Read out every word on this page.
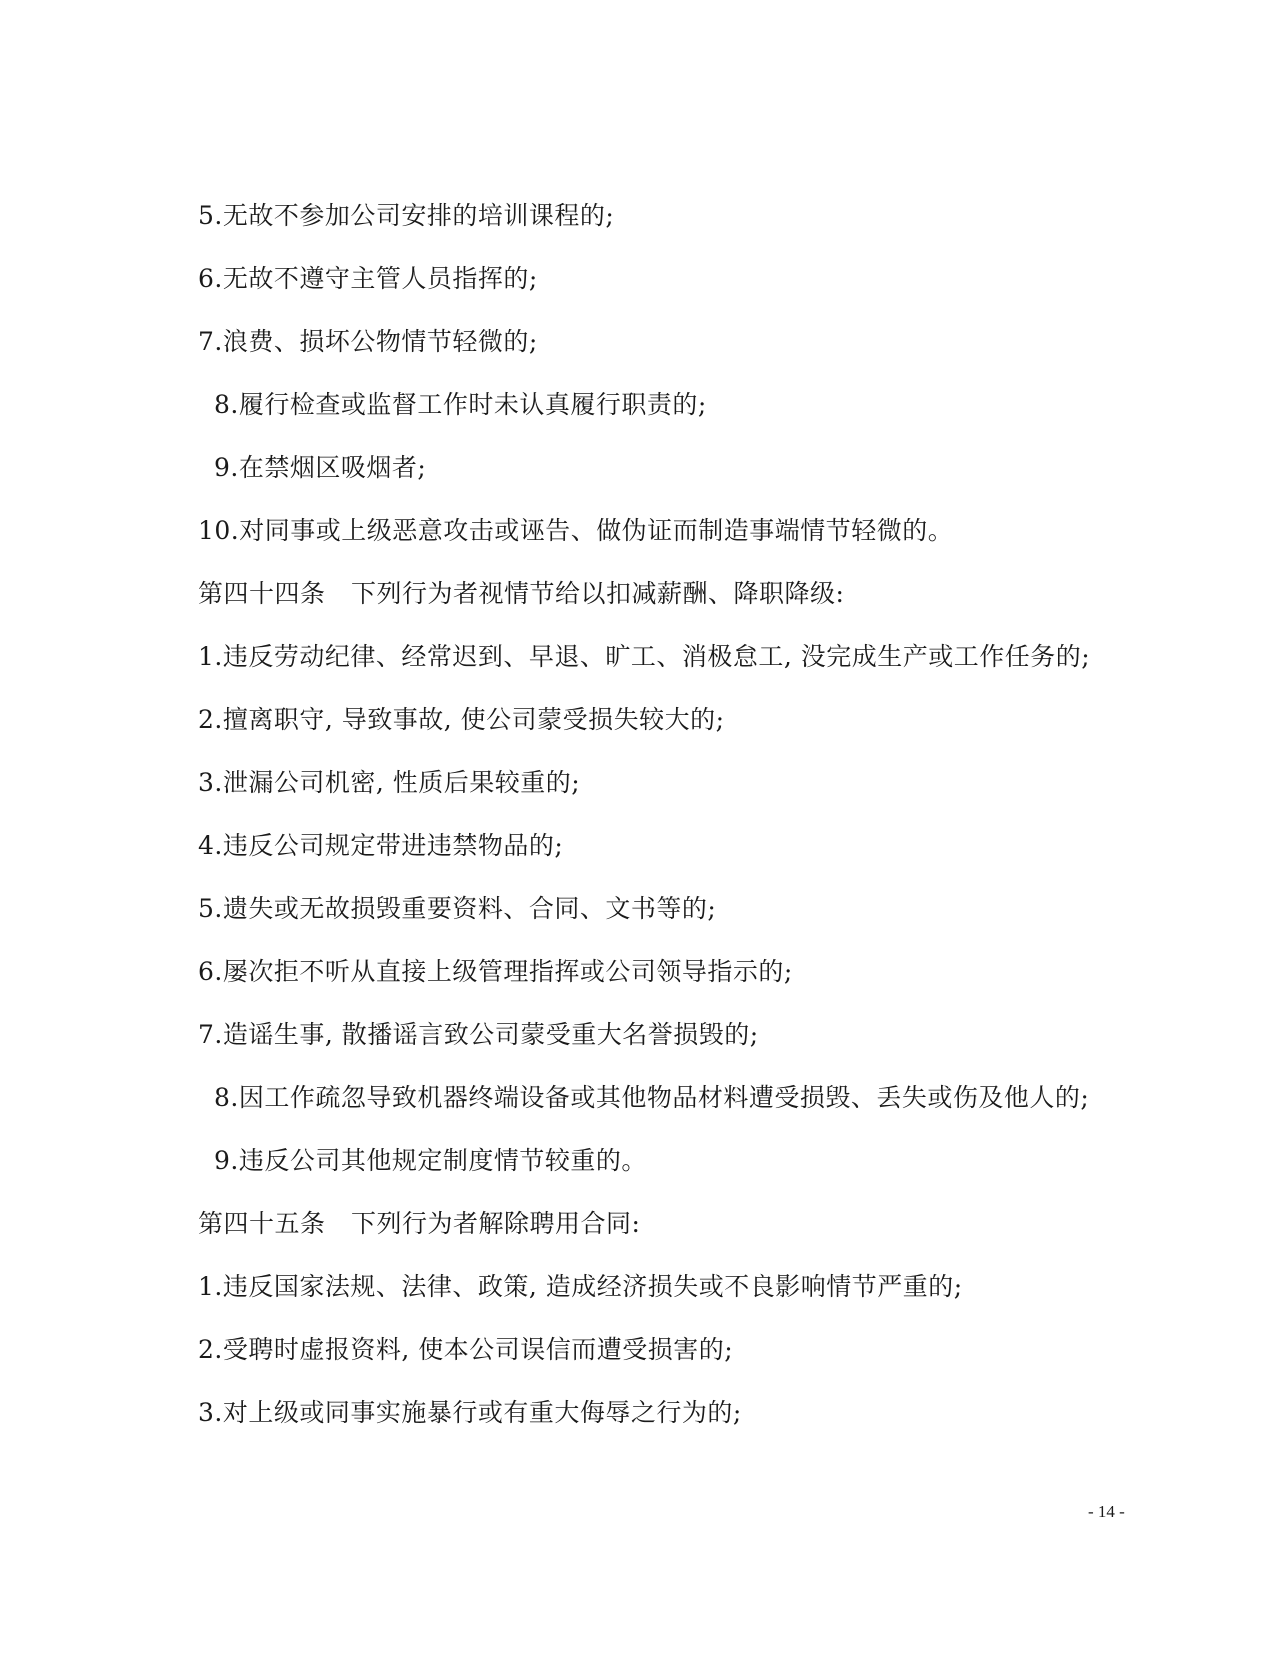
5.无故不参加公司安排的培训课程的;
6.无故不遵守主管人员指挥的;
7.浪费、损坏公物情节轻微的;
8.履行检查或监督工作时未认真履行职责的;
9.在禁烟区吸烟者;
10.对同事或上级恶意攻击或诬告、做伪证而制造事端情节轻微的。
第四十四条　下列行为者视情节给以扣减薪酬、降职降级:
1.违反劳动纪律、经常迟到、早退、旷工、消极怠工, 没完成生产或工作任务的;
2.擅离职守, 导致事故, 使公司蒙受损失较大的;
3.泄漏公司机密, 性质后果较重的;
4.违反公司规定带进违禁物品的;
5.遗失或无故损毁重要资料、合同、文书等的;
6.屡次拒不听从直接上级管理指挥或公司领导指示的;
7.造谣生事, 散播谣言致公司蒙受重大名誉损毁的;
8.因工作疏忽导致机器终端设备或其他物品材料遭受损毁、丢失或伤及他人的;
9.违反公司其他规定制度情节较重的。
第四十五条　下列行为者解除聘用合同:
1.违反国家法规、法律、政策, 造成经济损失或不良影响情节严重的;
2.受聘时虚报资料, 使本公司误信而遭受损害的;
3.对上级或同事实施暴行或有重大侮辱之行为的;
- 14 -
